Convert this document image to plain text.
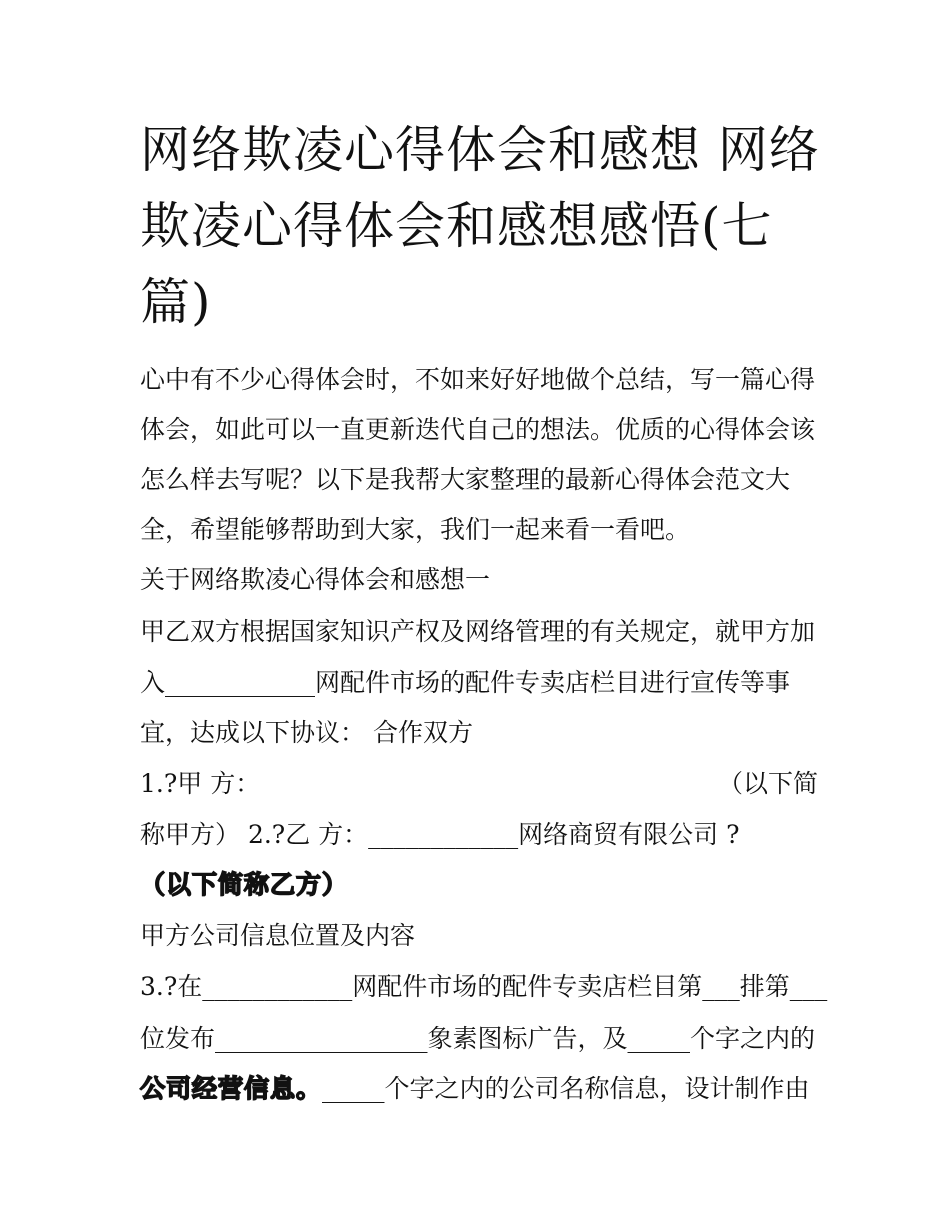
网络欺凌心得体会和感想 网络欺凌心得体会和感想感悟(七篇)

心中有不少心得体会时，不如来好好地做个总结，写一篇心得

体会，如此可以一直更新迭代自己的想法。优质的心得体会该

怎么样去写呢？以下是我帮大家整理的最新心得体会范文大

全，希望能够帮助到大家，我们一起来看一看吧。

关于网络欺凌心得体会和感想一

甲乙双方根据国家知识产权及网络管理的有关规定，就甲方加

入____________网配件市场的配件专卖店栏目进行宣传等事

宜，达成以下协议： 合作双方

1.?甲 方：	（以下简

称甲方） 2.?乙 方：____________网络商贸有限公司 ?

（以下简称乙方）

甲方公司信息位置及内容

3.?在____________网配件市场的配件专卖店栏目第___排第___

位发布_________________象素图标广告，及_____个字之内的

公司经营信息。_____个字之内的公司名称信息，设计制作由
